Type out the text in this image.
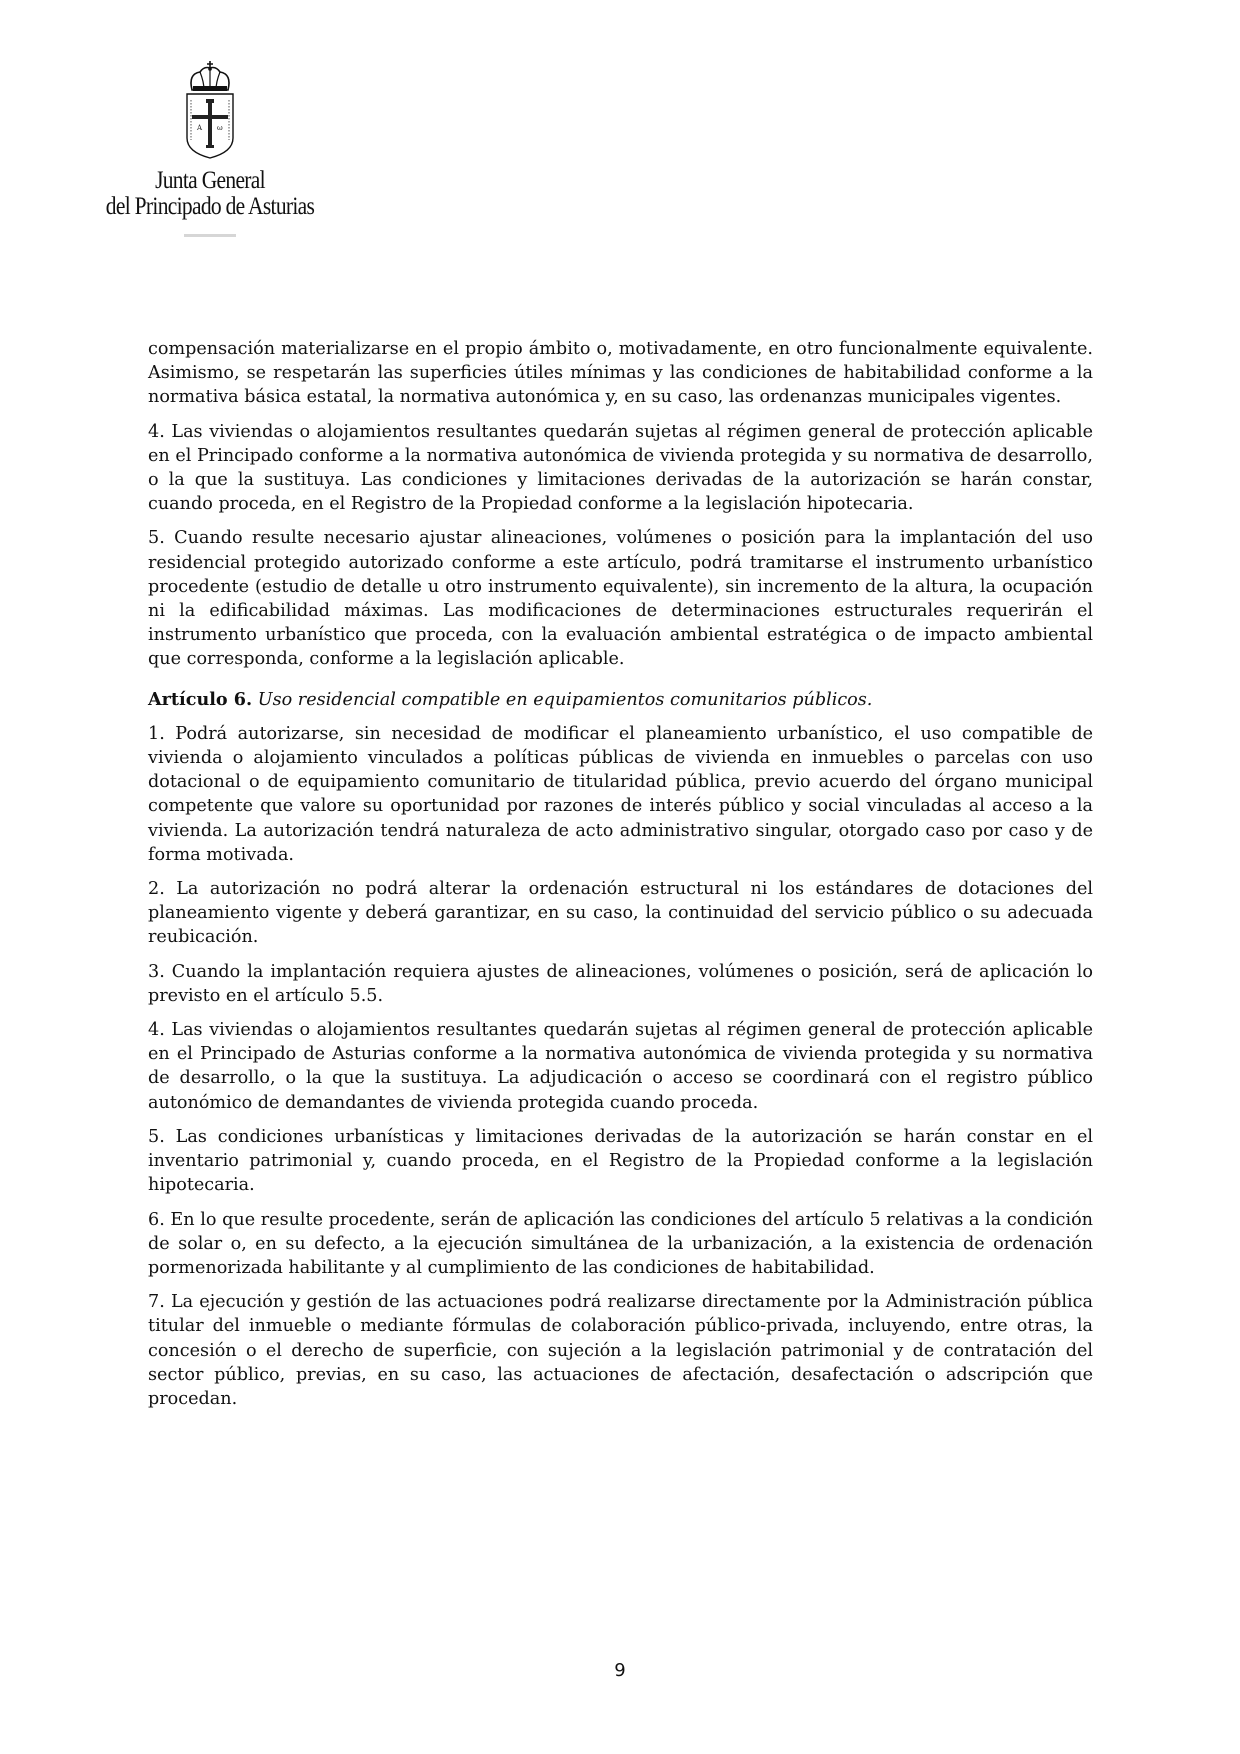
A ω
Junta General
del Principado de Asturias

compensación materializarse en el propio ámbito o, motivadamente, en otro funcionalmente equivalente. Asimismo, se respetarán las superficies útiles mínimas y las condiciones de habitabilidad conforme a la normativa básica estatal, la normativa autonómica y, en su caso, las ordenanzas municipales vigentes.

4. Las viviendas o alojamientos resultantes quedarán sujetas al régimen general de protección aplicable en el Principado conforme a la normativa autonómica de vivienda protegida y su normativa de desarrollo, o la que la sustituya. Las condiciones y limitaciones derivadas de la autorización se harán constar, cuando proceda, en el Registro de la Propiedad conforme a la legislación hipotecaria.

5. Cuando resulte necesario ajustar alineaciones, volúmenes o posición para la implantación del uso residencial protegido autorizado conforme a este artículo, podrá tramitarse el instrumento urbanístico procedente (estudio de detalle u otro instrumento equivalente), sin incremento de la altura, la ocupación ni la edificabilidad máximas. Las modificaciones de determinaciones estructurales requerirán el instrumento urbanístico que proceda, con la evaluación ambiental estratégica o de impacto ambiental que corresponda, conforme a la legislación aplicable.

Artículo 6. Uso residencial compatible en equipamientos comunitarios públicos.

1. Podrá autorizarse, sin necesidad de modificar el planeamiento urbanístico, el uso compatible de vivienda o alojamiento vinculados a políticas públicas de vivienda en inmuebles o parcelas con uso dotacional o de equipamiento comunitario de titularidad pública, previo acuerdo del órgano municipal competente que valore su oportunidad por razones de interés público y social vinculadas al acceso a la vivienda. La autorización tendrá naturaleza de acto administrativo singular, otorgado caso por caso y de forma motivada.

2. La autorización no podrá alterar la ordenación estructural ni los estándares de dotaciones del planeamiento vigente y deberá garantizar, en su caso, la continuidad del servicio público o su adecuada reubicación.

3. Cuando la implantación requiera ajustes de alineaciones, volúmenes o posición, será de aplicación lo previsto en el artículo 5.5.

4. Las viviendas o alojamientos resultantes quedarán sujetas al régimen general de protección aplicable en el Principado de Asturias conforme a la normativa autonómica de vivienda protegida y su normativa de desarrollo, o la que la sustituya. La adjudicación o acceso se coordinará con el registro público autonómico de demandantes de vivienda protegida cuando proceda.

5. Las condiciones urbanísticas y limitaciones derivadas de la autorización se harán constar en el inventario patrimonial y, cuando proceda, en el Registro de la Propiedad conforme a la legislación hipotecaria.

6. En lo que resulte procedente, serán de aplicación las condiciones del artículo 5 relativas a la condición de solar o, en su defecto, a la ejecución simultánea de la urbanización, a la existencia de ordenación pormenorizada habilitante y al cumplimiento de las condiciones de habitabilidad.

7. La ejecución y gestión de las actuaciones podrá realizarse directamente por la Administración pública titular del inmueble o mediante fórmulas de colaboración público-privada, incluyendo, entre otras, la concesión o el derecho de superficie, con sujeción a la legislación patrimonial y de contratación del sector público, previas, en su caso, las actuaciones de afectación, desafectación o adscripción que procedan.

9
